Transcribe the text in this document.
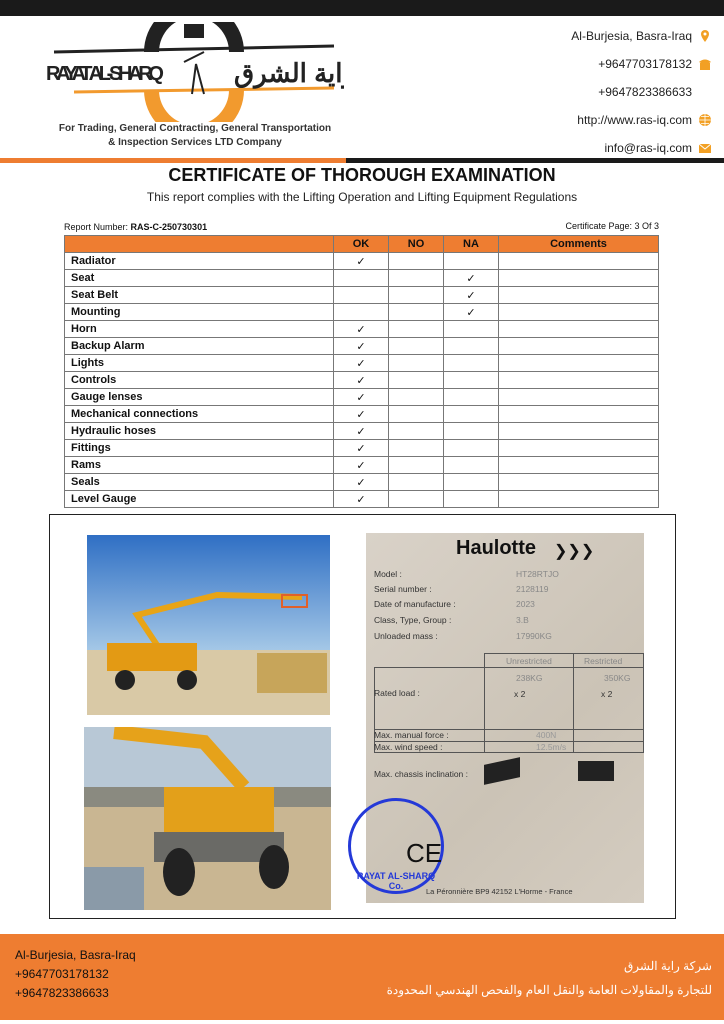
RAYAT AL-SHARQ	راية الشرق
For Trading, General Contracting, General Transportation
& Inspection Services LTD Company
Al-Burjesia, Basra-Iraq
+9647703178132
+9647823386633
http://www.ras-iq.com
info@ras-iq.com
CERTIFICATE OF THOROUGH EXAMINATION
This report complies with the Lifting Operation and Lifting Equipment Regulations
Report Number: RAS-C-250730301	Certificate Page: 3 Of 3
	OK	NO	NA	Comments
Radiator	✓			
Seat			✓	
Seat Belt			✓	
Mounting			✓	
Horn	✓			
Backup Alarm	✓			
Lights	✓			
Controls	✓			
Gauge lenses	✓			
Mechanical connections	✓			
Hydraulic hoses	✓			
Fittings	✓			
Rams	✓			
Seals	✓			
Level Gauge	✓			
Haulotte ❯❯❯
Model :	HT28RTJO
Serial number :	2128119
Date of manufacture :	2023
Class, Type, Group :	3.B
Unloaded mass :	17990KG
Unrestricted	Restricted
Rated load :
238KG	350KG
x 2	x 2
Max. manual force :	400N
Max. wind speed :	12.5m/s
Max. chassis inclination :
La Péronnière BP9 42152 L'Horme - France
RAYAT AL-SHARQ Co.
CE
Al-Burjesia, Basra-Iraq
+9647703178132
+9647823386633
شركة راية الشرق
للتجارة والمقاولات العامة والنقل العام والفحص الهندسي المحدودة
